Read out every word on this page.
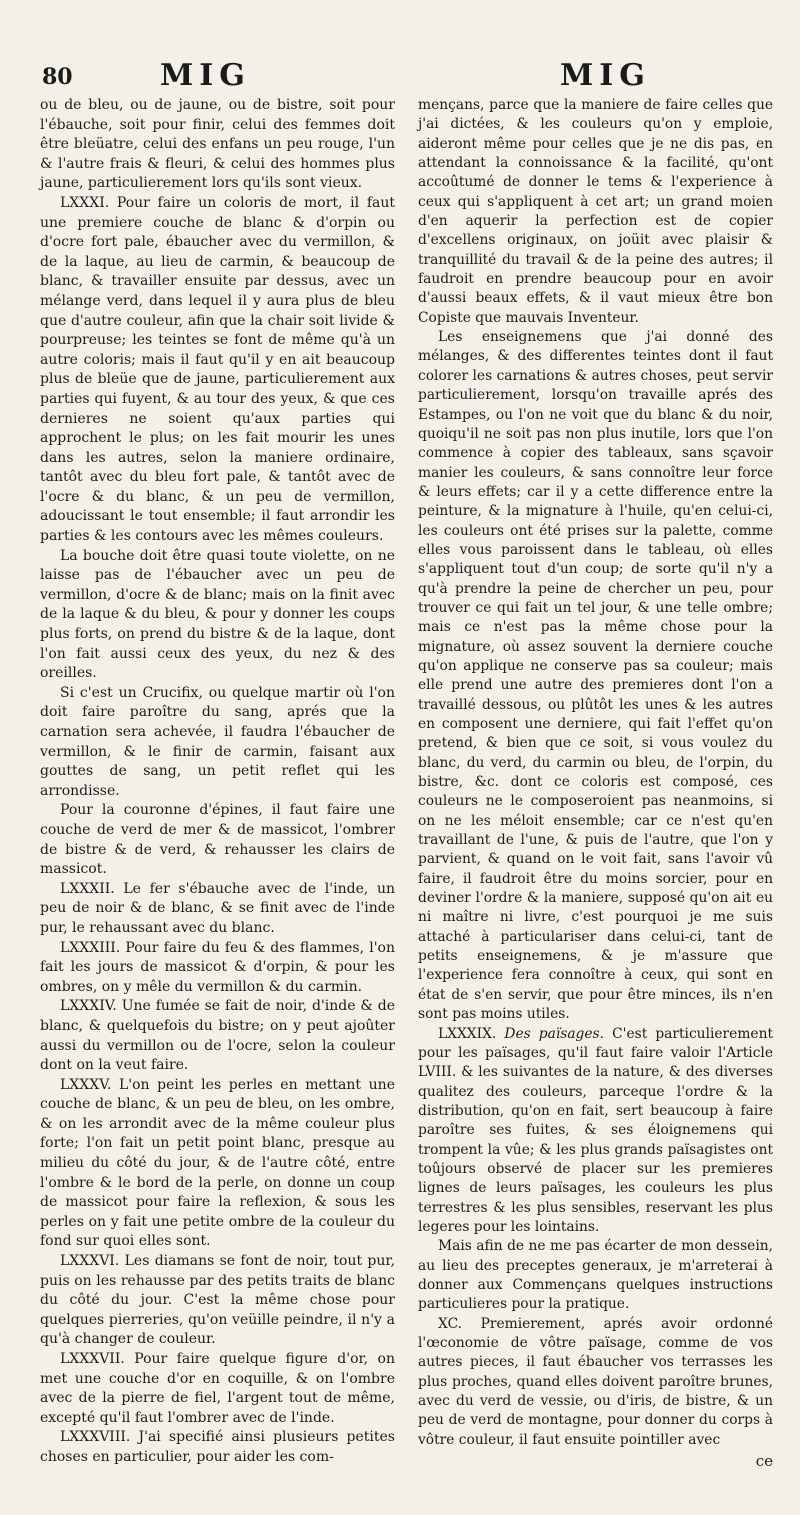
80	MIG	MIG

ou de bleu, ou de jaune, ou de bistre, soit pour l'ébauche, soit pour finir, celui des femmes doit être bleüatre, celui des enfans un peu rouge, l'un & l'autre frais & fleuri, & celui des hommes plus jaune, particulierement lors qu'ils sont vieux.

LXXXI. Pour faire un coloris de mort, il faut une premiere couche de blanc & d'orpin ou d'ocre fort pale, ébaucher avec du vermillon, & de la laque, au lieu de carmin, & beaucoup de blanc, & travailler ensuite par dessus, avec un mélange verd, dans lequel il y aura plus de bleu que d'autre couleur, afin que la chair soit livide & pourpreuse; les teintes se font de même qu'à un autre coloris; mais il faut qu'il y en ait beaucoup plus de bleüe que de jaune, particulierement aux parties qui fuyent, & au tour des yeux, & que ces dernieres ne soient qu'aux parties qui approchent le plus; on les fait mourir les unes dans les autres, selon la maniere ordinaire, tantôt avec du bleu fort pale, & tantôt avec de l'ocre & du blanc, & un peu de vermillon, adoucissant le tout ensemble; il faut arrondir les parties & les contours avec les mêmes couleurs.

La bouche doit être quasi toute violette, on ne laisse pas de l'ébaucher avec un peu de vermillon, d'ocre & de blanc; mais on la finit avec de la laque & du bleu, & pour y donner les coups plus forts, on prend du bistre & de la laque, dont l'on fait aussi ceux des yeux, du nez & des oreilles.

Si c'est un Crucifix, ou quelque martir où l'on doit faire paroître du sang, aprés que la carnation sera achevée, il faudra l'ébaucher de vermillon, & le finir de carmin, faisant aux gouttes de sang, un petit reflet qui les arrondisse.

Pour la couronne d'épines, il faut faire une couche de verd de mer & de massicot, l'ombrer de bistre & de verd, & rehausser les clairs de massicot.

LXXXII. Le fer s'ébauche avec de l'inde, un peu de noir & de blanc, & se finit avec de l'inde pur, le rehaussant avec du blanc.

LXXXIII. Pour faire du feu & des flammes, l'on fait les jours de massicot & d'orpin, & pour les ombres, on y mêle du vermillon & du carmin.

LXXXIV. Une fumée se fait de noir, d'inde & de blanc, & quelquefois du bistre; on y peut ajoûter aussi du vermillon ou de l'ocre, selon la couleur dont on la veut faire.

LXXXV. L'on peint les perles en mettant une couche de blanc, & un peu de bleu, on les ombre, & on les arrondit avec de la même couleur plus forte; l'on fait un petit point blanc, presque au milieu du côté du jour, & de l'autre côté, entre l'ombre & le bord de la perle, on donne un coup de massicot pour faire la reflexion, & sous les perles on y fait une petite ombre de la couleur du fond sur quoi elles sont.

LXXXVI. Les diamans se font de noir, tout pur, puis on les rehausse par des petits traits de blanc du côté du jour. C'est la même chose pour quelques pierreries, qu'on veüille peindre, il n'y a qu'à changer de couleur.

LXXXVII. Pour faire quelque figure d'or, on met une couche d'or en coquille, & on l'ombre avec de la pierre de fiel, l'argent tout de même, excepté qu'il faut l'ombrer avec de l'inde.

LXXXVIII. J'ai specifié ainsi plusieurs petites choses en particulier, pour aider les com-

mençans, parce que la maniere de faire celles que j'ai dictées, & les couleurs qu'on y emploie, aideront même pour celles que je ne dis pas, en attendant la connoissance & la facilité, qu'ont accoûtumé de donner le tems & l'experience à ceux qui s'appliquent à cet art; un grand moien d'en aquerir la perfection est de copier d'excellens originaux, on joüit avec plaisir & tranquillité du travail & de la peine des autres; il faudroit en prendre beaucoup pour en avoir d'aussi beaux effets, & il vaut mieux être bon Copiste que mauvais Inventeur.

Les enseignemens que j'ai donné des mélanges, & des differentes teintes dont il faut colorer les carnations & autres choses, peut servir particulierement, lorsqu'on travaille aprés des Estampes, ou l'on ne voit que du blanc & du noir, quoiqu'il ne soit pas non plus inutile, lors que l'on commence à copier des tableaux, sans sçavoir manier les couleurs, & sans connoître leur force & leurs effets; car il y a cette difference entre la peinture, & la mignature à l'huile, qu'en celui-ci, les couleurs ont été prises sur la palette, comme elles vous paroissent dans le tableau, où elles s'appliquent tout d'un coup; de sorte qu'il n'y a qu'à prendre la peine de chercher un peu, pour trouver ce qui fait un tel jour, & une telle ombre; mais ce n'est pas la même chose pour la mignature, où assez souvent la derniere couche qu'on applique ne conserve pas sa couleur; mais elle prend une autre des premieres dont l'on a travaillé dessous, ou plûtôt les unes & les autres en composent une derniere, qui fait l'effet qu'on pretend, & bien que ce soit, si vous voulez du blanc, du verd, du carmin ou bleu, de l'orpin, du bistre, &c. dont ce coloris est composé, ces couleurs ne le composeroient pas neanmoins, si on ne les méloit ensemble; car ce n'est qu'en travaillant de l'une, & puis de l'autre, que l'on y parvient, & quand on le voit fait, sans l'avoir vû faire, il faudroit être du moins sorcier, pour en deviner l'ordre & la maniere, supposé qu'on ait eu ni maître ni livre, c'est pourquoi je me suis attaché à particulariser dans celui-ci, tant de petits enseignemens, & je m'assure que l'experience fera connoître à ceux, qui sont en état de s'en servir, que pour être minces, ils n'en sont pas moins utiles.

LXXXIX. Des païsages. C'est particulierement pour les païsages, qu'il faut faire valoir l'Article LVIII. & les suivantes de la nature, & des diverses qualitez des couleurs, parceque l'ordre & la distribution, qu'on en fait, sert beaucoup à faire paroître ses fuites, & ses éloignemens qui trompent la vûe; & les plus grands païsagistes ont toûjours observé de placer sur les premieres lignes de leurs païsages, les couleurs les plus terrestres & les plus sensibles, reservant les plus legeres pour les lointains.

Mais afin de ne me pas écarter de mon dessein, au lieu des preceptes generaux, je m'arreterai à donner aux Commençans quelques instructions particulieres pour la pratique.

XC. Premierement, aprés avoir ordonné l'œconomie de vôtre païsage, comme de vos autres pieces, il faut ébaucher vos terrasses les plus proches, quand elles doivent paroître brunes, avec du verd de vessie, ou d'iris, de bistre, & un peu de verd de montagne, pour donner du corps à vôtre couleur, il faut ensuite pointiller avec

ce
